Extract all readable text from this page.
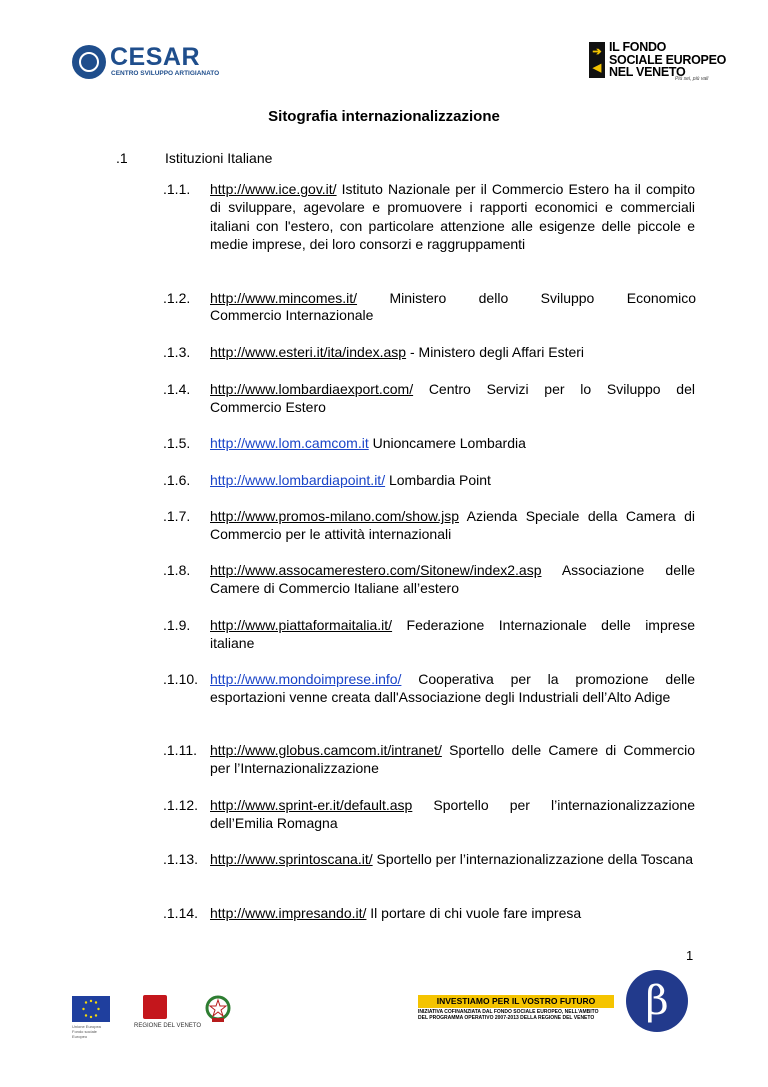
CESAR
CENTRO SVILUPPO ARTIGIANATO
➔
◀
IL FONDO
SOCIALE EUROPEO
NEL VENETO
Più sei, più vali
Sitografia internazionalizzazione
.1	Istituzioni Italiane
.1.1. http://www.ice.gov.it/ Istituto Nazionale per il Commercio Estero ha il compito di sviluppare, agevolare e promuovere i rapporti economici e commerciali italiani con l'estero, con particolare attenzione alle esigenze delle piccole e medie imprese, dei loro consorzi e raggruppamenti
.1.2. http://www.mincomes.it/ Ministero dello Sviluppo Economico
Commercio Internazionale
.1.3. http://www.esteri.it/ita/index.asp - Ministero degli Affari Esteri
.1.4. http://www.lombardiaexport.com/ Centro Servizi per lo Sviluppo del Commercio Estero
.1.5. http://www.lom.camcom.it Unioncamere Lombardia
.1.6. http://www.lombardiapoint.it/ Lombardia Point
.1.7. http://www.promos-milano.com/show.jsp Azienda Speciale della Camera di Commercio per le attività internazionali
.1.8. http://www.assocamerestero.com/Sitonew/index2.asp Associazione delle Camere di Commercio Italiane all’estero
.1.9. http://www.piattaformaitalia.it/ Federazione Internazionale delle imprese italiane
.1.10. http://www.mondoimprese.info/ Cooperativa per la promozione delle esportazioni venne creata dall'Associazione degli Industriali dell’Alto Adige
.1.11. http://www.globus.camcom.it/intranet/ Sportello delle Camere di Commercio per l’Internazionalizzazione
.1.12. http://www.sprint-er.it/default.asp Sportello per l’internazionalizzazione dell’Emilia Romagna
.1.13. http://www.sprintoscana.it/ Sportello per l’internazionalizzazione della Toscana
.1.14. http://www.impresando.it/ Il portare di chi vuole fare impresa
1
Unione Europea Fondo sociale Europeo
REGIONE DEL VENETO
INVESTIAMO PER IL VOSTRO FUTURO
INIZIATIVA COFINANZIATA DAL FONDO SOCIALE EUROPEO, NELL'AMBITO
DEL PROGRAMMA OPERATIVO 2007-2013 DELLA REGIONE DEL VENETO	β
